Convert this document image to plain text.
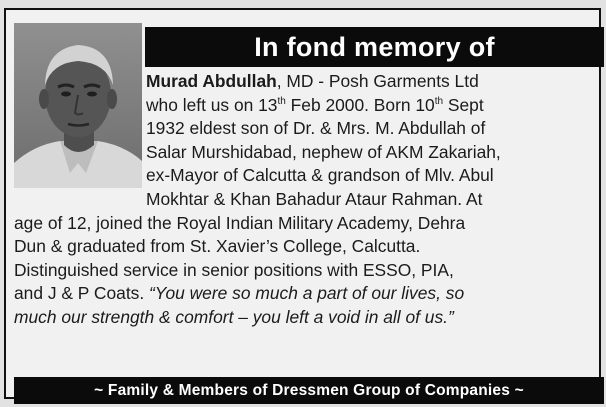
In fond memory of
Murad Abdullah, MD - Posh Garments Ltd
who left us on 13th Feb 2000. Born 10th Sept
1932 eldest son of Dr. & Mrs. M. Abdullah of
Salar Murshidabad, nephew of AKM Zakariah,
ex-Mayor of Calcutta & grandson of Mlv. Abul
Mokhtar & Khan Bahadur Ataur Rahman. At
age of 12, joined the Royal Indian Military Academy, Dehra
Dun & graduated from St. Xavier’s College, Calcutta.
Distinguished service in senior positions with ESSO, PIA,
and J & P Coats. “You were so much a part of our lives, so
much our strength & comfort – you left a void in all of us.”
~ Family & Members of Dressmen Group of Companies ~
